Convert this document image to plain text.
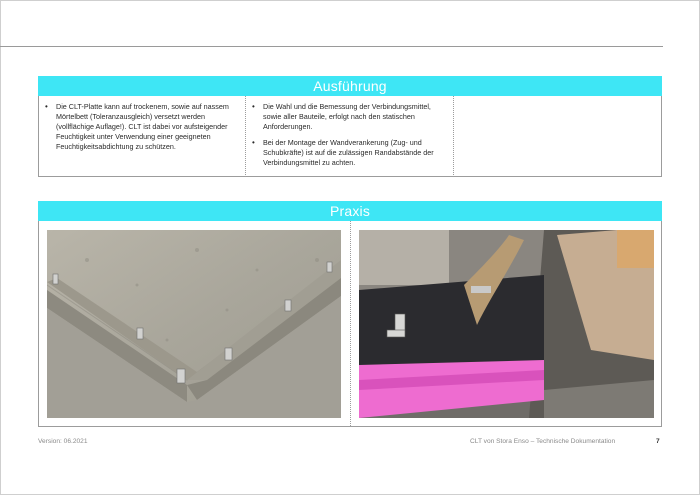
Ausführung
• Die CLT-Platte kann auf trockenem, sowie auf nassem Mörtelbett (Toleranzausgleich) versetzt werden (vollflächige Auflage!). CLT ist dabei vor aufsteigender Feuchtigkeit unter Verwendung einer geeigneten Feuchtigkeitsabdichtung zu schützen.
• Die Wahl und die Bemessung der Verbindungsmittel, sowie aller Bauteile, erfolgt nach den statischen Anforderungen.
• Bei der Montage der Wandverankerung (Zug- und Schubkräfte) ist auf die zulässigen Randabstände der Verbindungsmittel zu achten.
Praxis
Version: 06.2021	CLT von Stora Enso – Technische Dokumentation	7
